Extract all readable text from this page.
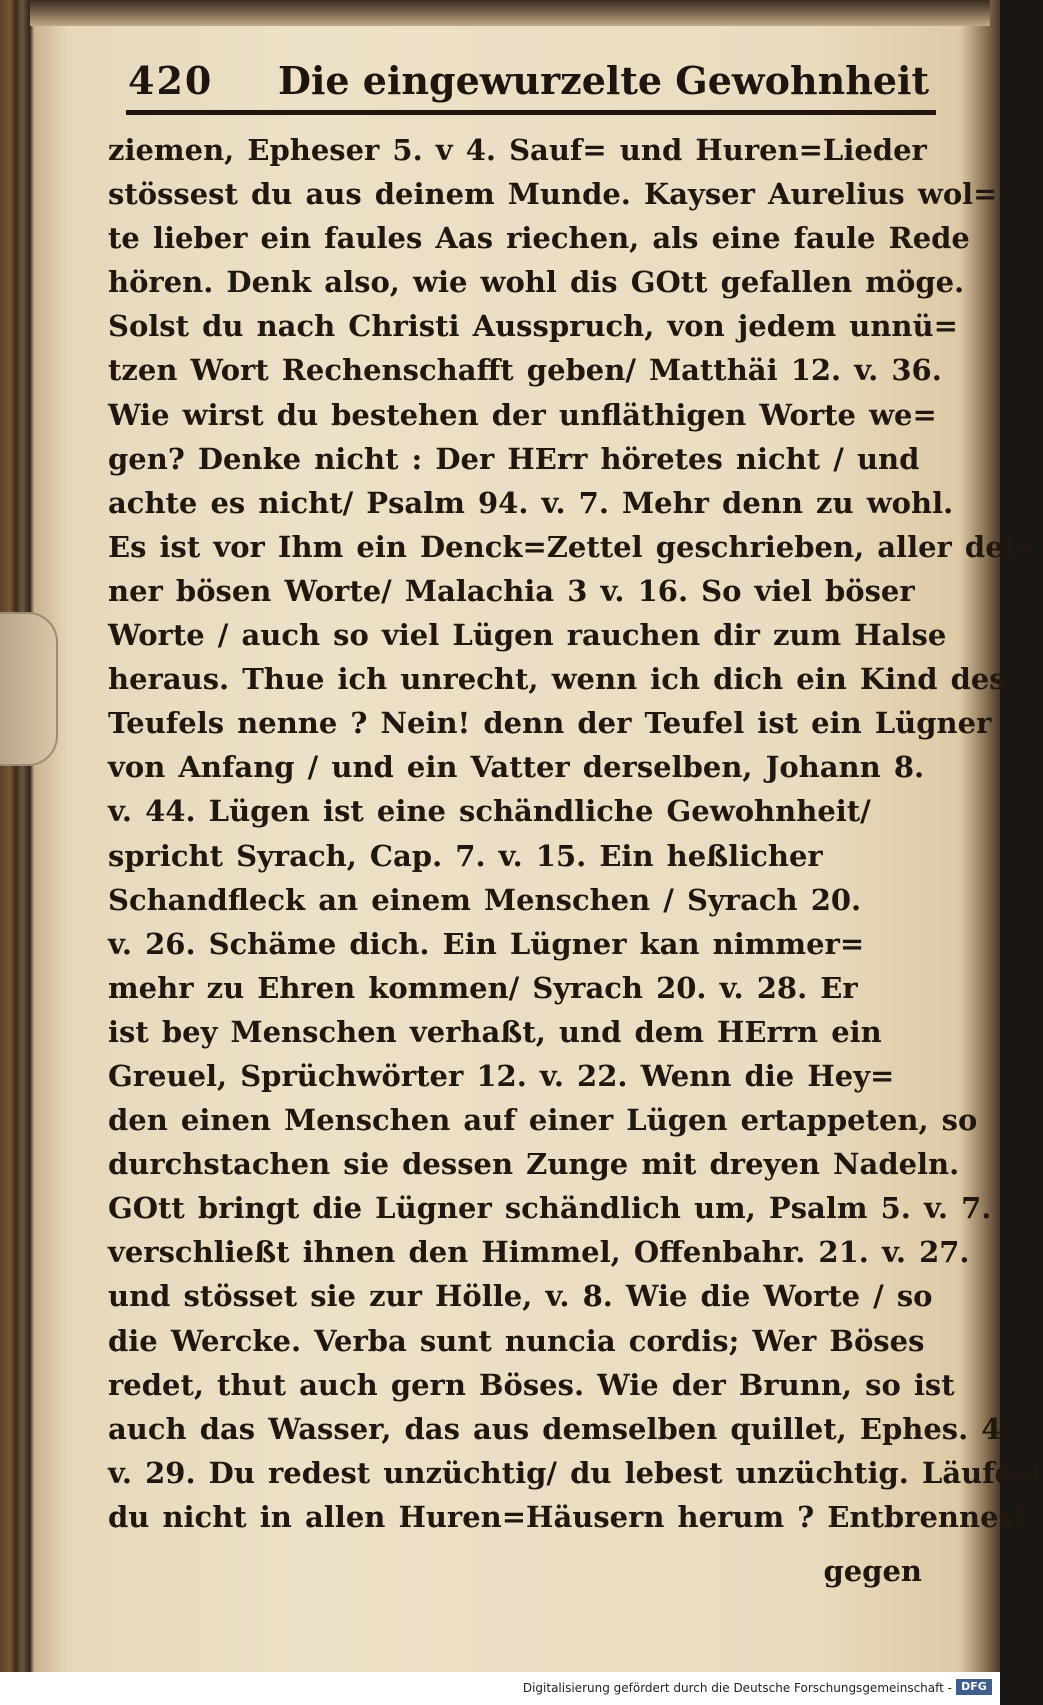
420 Die eingewurzelte Gewohnheit
ziemen, Epheser 5. v 4. Sauf= und Huren=Lieder
stössest du aus deinem Munde. Kayser Aurelius wol=
te lieber ein faules Aas riechen, als eine faule Rede
hören. Denk also, wie wohl dis GOtt gefallen möge.
Solst du nach Christi Ausspruch, von jedem unnü=
tzen Wort Rechenschafft geben/ Matthäi 12. v. 36.
Wie wirst du bestehen der unfläthigen Worte we=
gen? Denke nicht : Der HErr höretes nicht / und
achte es nicht/ Psalm 94. v. 7. Mehr denn zu wohl.
Es ist vor Ihm ein Denck=Zettel geschrieben, aller dei=
ner bösen Worte/ Malachia 3 v. 16. So viel böser
Worte / auch so viel Lügen rauchen dir zum Halse
heraus. Thue ich unrecht, wenn ich dich ein Kind des
Teufels nenne ? Nein! denn der Teufel ist ein Lügner
von Anfang / und ein Vatter derselben, Johann 8.
v. 44. Lügen ist eine schändliche Gewohnheit/
spricht Syrach, Cap. 7. v. 15. Ein heßlicher
Schandfleck an einem Menschen / Syrach 20.
v. 26. Schäme dich. Ein Lügner kan nimmer=
mehr zu Ehren kommen/ Syrach 20. v. 28. Er
ist bey Menschen verhaßt, und dem HErrn ein
Greuel, Sprüchwörter 12. v. 22. Wenn die Hey=
den einen Menschen auf einer Lügen ertappeten, so
durchstachen sie dessen Zunge mit dreyen Nadeln.
GOtt bringt die Lügner schändlich um, Psalm 5. v. 7.
verschließt ihnen den Himmel, Offenbahr. 21. v. 27.
und stösset sie zur Hölle, v. 8. Wie die Worte / so
die Wercke. Verba sunt nuncia cordis; Wer Böses
redet, thut auch gern Böses. Wie der Brunn, so ist
auch das Wasser, das aus demselben quillet, Ephes. 4.
v. 29. Du redest unzüchtig/ du lebest unzüchtig. Läufest
du nicht in allen Huren=Häusern herum ? Entbrennest
gegen
Digitalisierung gefördert durch die Deutsche Forschungsgemeinschaft - DFG
